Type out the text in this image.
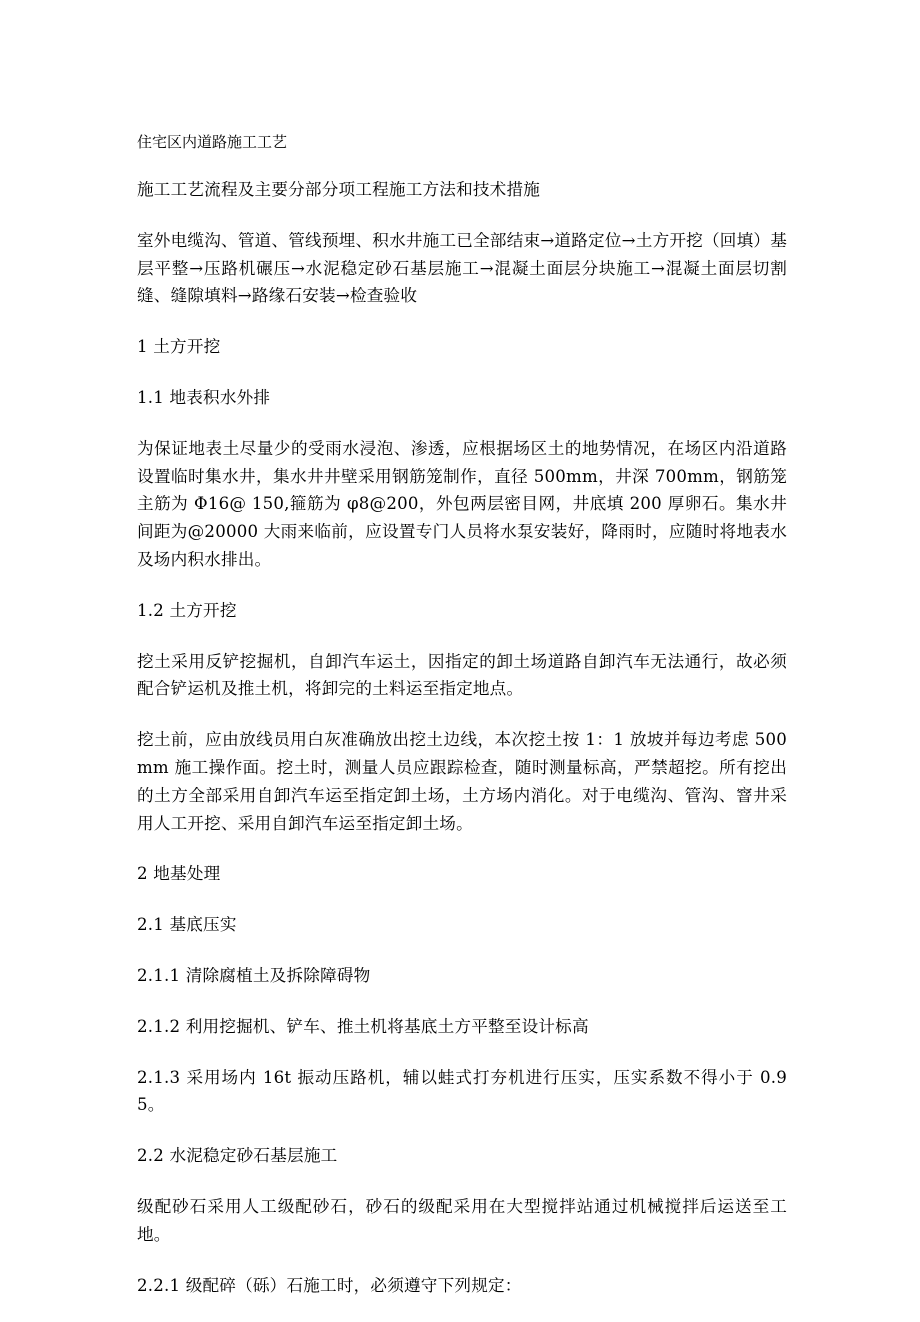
住宅区内道路施工工艺

施工工艺流程及主要分部分项工程施工方法和技术措施

室外电缆沟、管道、管线预埋、积水井施工已全部结束→道路定位→土方开挖（回填）基层平整→压路机碾压→水泥稳定砂石基层施工→混凝土面层分块施工→混凝土面层切割缝、缝隙填料→路缘石安装→检查验收

1 土方开挖

1.1 地表积水外排

为保证地表土尽量少的受雨水浸泡、渗透，应根据场区土的地势情况，在场区内沿道路设置临时集水井，集水井井壁采用钢筋笼制作，直径 500mm，井深 700mm，钢筋笼主筋为 Φ16@ 150,箍筋为 φ8@200，外包两层密目网，井底填 200 厚卵石。集水井间距为@20000 大雨来临前，应设置专门人员将水泵安装好，降雨时，应随时将地表水及场内积水排出。

1.2 土方开挖

挖土采用反铲挖掘机，自卸汽车运土，因指定的卸土场道路自卸汽车无法通行，故必须配合铲运机及推土机，将卸完的土料运至指定地点。

挖土前，应由放线员用白灰准确放出挖土边线，本次挖土按 1：1 放坡并每边考虑 500mm 施工操作面。挖土时，测量人员应跟踪检查，随时测量标高，严禁超挖。所有挖出的土方全部采用自卸汽车运至指定卸土场，土方场内消化。对于电缆沟、管沟、窨井采用人工开挖、采用自卸汽车运至指定卸土场。

2 地基处理

2.1 基底压实

2.1.1 清除腐植土及拆除障碍物

2.1.2 利用挖掘机、铲车、推土机将基底土方平整至设计标高

2.1.3 采用场内 16t 振动压路机，辅以蛙式打夯机进行压实，压实系数不得小于 0.95。

2.2 水泥稳定砂石基层施工

级配砂石采用人工级配砂石，砂石的级配采用在大型搅拌站通过机械搅拌后运送至工地。

2.2.1 级配碎（砾）石施工时，必须遵守下列规定：
